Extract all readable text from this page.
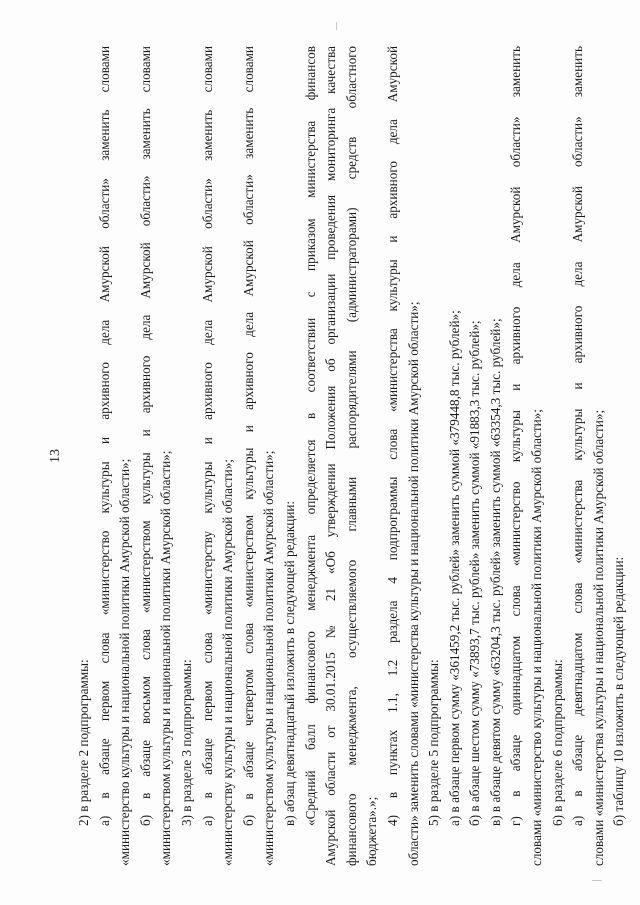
13
2) в разделе 2 подпрограммы: а) в абзаце первом слова «министерство культуры и архивного дела Амурской области» заменить словами «министерство культуры и национальной политики Амурской области»; б) в абзаце восьмом слова «министерством культуры и архивного дела Амурской области» заменить словами «министерством культуры и национальной политики Амурской области»; 3) в разделе 3 подпрограммы: а) в абзаце первом слова «министерству культуры и архивного дела Амурской области» заменить словами «министерству культуры и национальной политики Амурской области»; б) в абзаце четвертом слова «министерством культуры и архивного дела Амурской области» заменить словами «министерством культуры и национальной политики Амурской области»; в) абзац девятнадцатый изложить в следующей редакции: «Средний балл финансового менеджмента определяется в соответствии с приказом министерства финансов Амурской области от 30.01.2015 № 21 «Об утверждении Положения об организации проведения мониторинга качества финансового менеджмента, осуществляемого главными распорядителями (администраторами) средств областного бюджета».»;
4) в пунктах 1.1, 1.2 раздела 4 подпрограммы слова «министерства культуры и архивного дела Амурской области» заменить словами «министерства культуры и национальной политики Амурской области»; 5) в разделе 5 подпрограммы: а) в абзаце первом сумму «361459,2 тыс. рублей» заменить суммой «379448,8 тыс. рублей»; б) в абзаце шестом сумму «73893,7 тыс. рублей» заменить суммой «91883,3 тыс. рублей»; в) в абзаце девятом сумму «63204,3 тыс. рублей» заменить суммой «63354,3 тыс. рублей»; г) в абзаце одиннадцатом слова «министерство культуры и архивного дела Амурской области» заменить словами «министерство культуры и национальной политики Амурской области»; 6) в разделе 6 подпрограммы: а) в абзаце девятнадцатом слова «министерства культуры и архивного дела Амурской области» заменить словами «министерства культуры и национальной политики Амурской области»; б) таблицу 10 изложить в следующей редакции:
